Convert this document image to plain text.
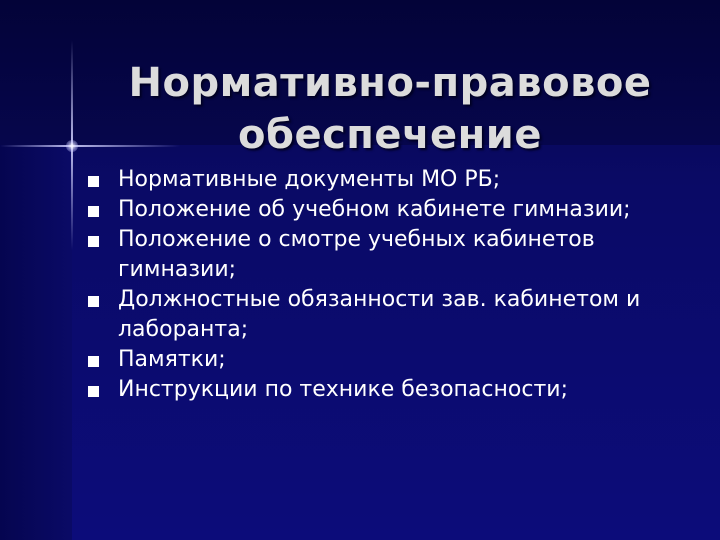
Нормативно-правовое
обеспечение
Нормативные документы МО РБ;
Положение об учебном кабинете гимназии;
Положение о смотре учебных кабинетов гимназии;
Должностные обязанности зав. кабинетом и лаборанта;
Памятки;
Инструкции по технике безопасности;
